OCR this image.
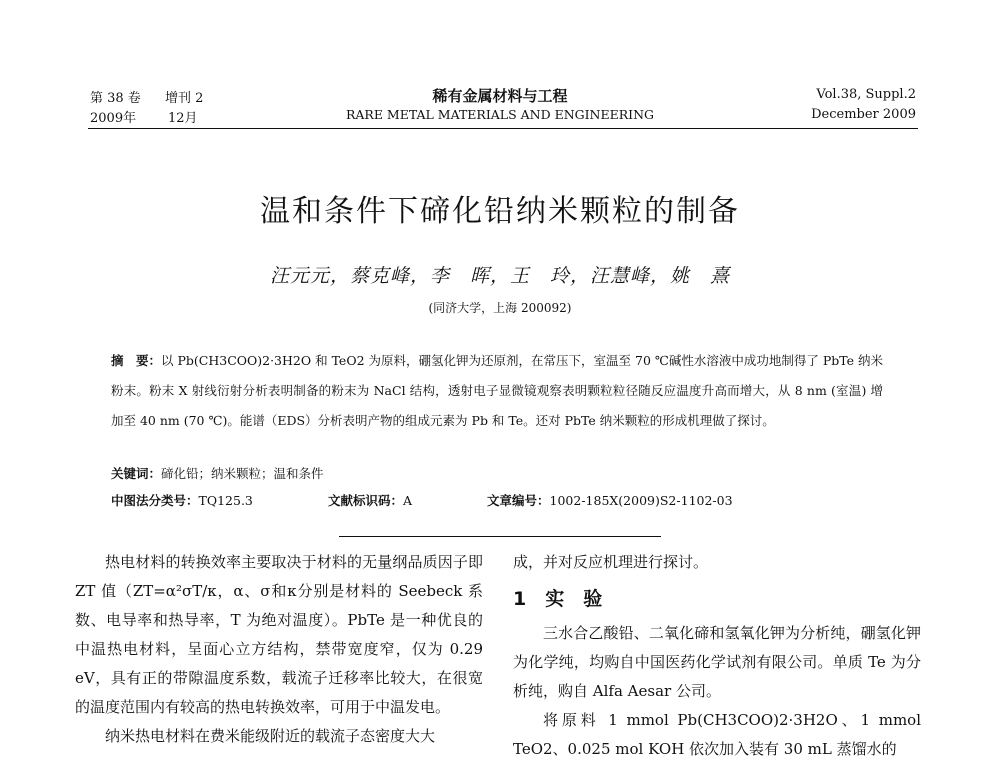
第 38 卷 增刊 2
2009年 12月
稀有金属材料与工程
RARE METAL MATERIALS AND ENGINEERING
Vol.38, Suppl.2
December 2009
温和条件下碲化铅纳米颗粒的制备
汪元元，蔡克峰，李　晖，王　玲，汪慧峰，姚　熹
(同济大学，上海 200092)
摘　要：以 Pb(CH3COO)2·3H2O 和 TeO2 为原料，硼氢化钾为还原剂，在常压下，室温至 70 ℃碱性水溶液中成功地制得了 PbTe 纳米粉末。粉末 X 射线衍射分析表明制备的粉末为 NaCl 结构，透射电子显微镜观察表明颗粒粒径随反应温度升高而增大，从 8 nm (室温) 增加至 40 nm (70 ℃)。能谱（EDS）分析表明产物的组成元素为 Pb 和 Te。还对 PbTe 纳米颗粒的形成机理做了探讨。
关键词：碲化铅；纳米颗粒；温和条件
中图法分类号：TQ125.3	文献标识码：A	文章编号：1002-185X(2009)S2-1102-03

热电材料的转换效率主要取决于材料的无量纲品质因子即 ZT 值（ZT=α²σT/κ，α、σ和κ分别是材料的 Seebeck 系数、电导率和热导率，T 为绝对温度）。PbTe 是一种优良的中温热电材料，呈面心立方结构，禁带宽度窄，仅为 0.29 eV，具有正的带隙温度系数，载流子迁移率比较大，在很宽的温度范围内有较高的热电转换效率，可用于中温发电。

纳米热电材料在费米能级附近的载流子态密度大大

成，并对反应机理进行探讨。

1　实　验

三水合乙酸铅、二氧化碲和氢氧化钾为分析纯，硼氢化钾为化学纯，均购自中国医药化学试剂有限公司。单质 Te 为分析纯，购自 Alfa Aesar 公司。

将原料 1 mmol Pb(CH3COO)2·3H2O、1 mmol TeO2、0.025 mol KOH 依次加入装有 30 mL 蒸馏水的
